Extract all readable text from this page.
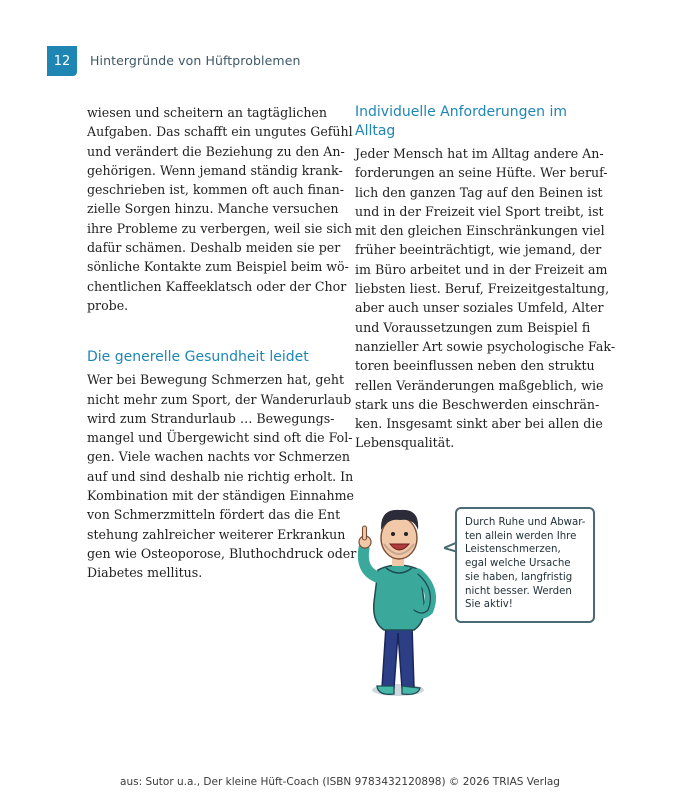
12	Hintergründe von Hüftproblemen
wiesen und scheitern an tagtäglichen
Aufgaben. Das schafft ein ungutes Gefühl
und verändert die Beziehung zu den An-
gehörigen. Wenn jemand ständig krank-
geschrieben ist, kommen oft auch finan-
zielle Sorgen hinzu. Manche versuchen
ihre Probleme zu verbergen, weil sie sich
dafür schämen. Deshalb meiden sie per
sönliche Kontakte zum Beispiel beim wö-
chentlichen Kaffeeklatsch oder der Chor
probe.
Die generelle Gesundheit leidet
Wer bei Bewegung Schmerzen hat, geht
nicht mehr zum Sport, der Wanderurlaub
wird zum Strandurlaub … Bewegungs-
mangel und Übergewicht sind oft die Fol-
gen. Viele wachen nachts vor Schmerzen
auf und sind deshalb nie richtig erholt. In
Kombination mit der ständigen Einnahme
von Schmerzmitteln fördert das die Ent
stehung zahlreicher weiterer Erkrankun
gen wie Osteoporose, Bluthochdruck oder
Diabetes mellitus.
Individuelle Anforderungen im
Alltag
Jeder Mensch hat im Alltag andere An-
forderungen an seine Hüfte. Wer beruf-
lich den ganzen Tag auf den Beinen ist
und in der Freizeit viel Sport treibt, ist
mit den gleichen Einschränkungen viel
früher beeinträchtigt, wie jemand, der
im Büro arbeitet und in der Freizeit am
liebsten liest. Beruf, Freizeitgestaltung,
aber auch unser soziales Umfeld, Alter
und Voraussetzungen zum Beispiel fi
nanzieller Art sowie psychologische Fak-
toren beeinflussen neben den struktu
rellen Veränderungen maßgeblich, wie
stark uns die Beschwerden einschrän-
ken. Insgesamt sinkt aber bei allen die
Lebensqualität.
Durch Ruhe und Abwar-
ten allein werden Ihre
Leistenschmerzen,
egal welche Ursache
sie haben, langfristig
nicht besser. Werden
Sie aktiv!
aus: Sutor u.a., Der kleine Hüft-Coach (ISBN 9783432120898) © 2026 TRIAS Verlag
